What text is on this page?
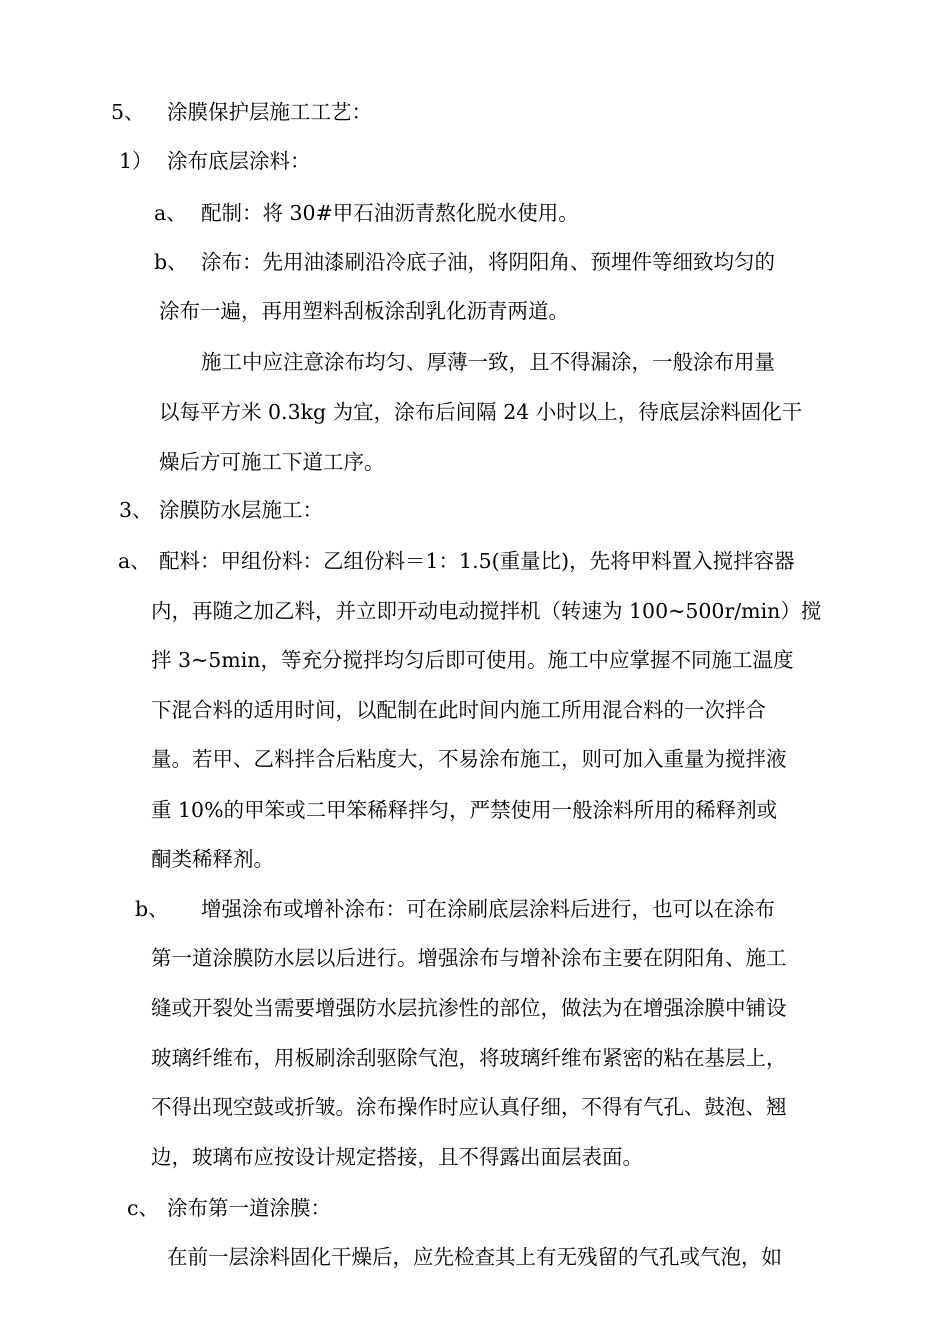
5、 涂膜保护层施工工艺：
1） 涂布底层涂料：
a、 配制：将 30#甲石油沥青熬化脱水使用。
b、 涂布：先用油漆刷沿冷底子油，将阴阳角、预埋件等细致均匀的
涂布一遍，再用塑料刮板涂刮乳化沥青两道。
施工中应注意涂布均匀、厚薄一致，且不得漏涂，一般涂布用量
以每平方米 0.3kg 为宜，涂布后间隔 24 小时以上，待底层涂料固化干
燥后方可施工下道工序。
3、 涂膜防水层施工：
a、 配料：甲组份料：乙组份料＝1：1.5(重量比)，先将甲料置入搅拌容器
内，再随之加乙料，并立即开动电动搅拌机（转速为 100~500r/min）搅
拌 3~5min，等充分搅拌均匀后即可使用。施工中应掌握不同施工温度
下混合料的适用时间，以配制在此时间内施工所用混合料的一次拌合
量。若甲、乙料拌合后粘度大，不易涂布施工，则可加入重量为搅拌液
重 10%的甲笨或二甲笨稀释拌匀，严禁使用一般涂料所用的稀释剂或
酮类稀释剂。
b、 增强涂布或增补涂布：可在涂刷底层涂料后进行，也可以在涂布
第一道涂膜防水层以后进行。增强涂布与增补涂布主要在阴阳角、施工
缝或开裂处当需要增强防水层抗渗性的部位，做法为在增强涂膜中铺设
玻璃纤维布，用板刷涂刮驱除气泡，将玻璃纤维布紧密的粘在基层上，
不得出现空鼓或折皱。涂布操作时应认真仔细，不得有气孔、鼓泡、翘
边，玻璃布应按设计规定搭接，且不得露出面层表面。
c、 涂布第一道涂膜：
在前一层涂料固化干燥后，应先检查其上有无残留的气孔或气泡，如
